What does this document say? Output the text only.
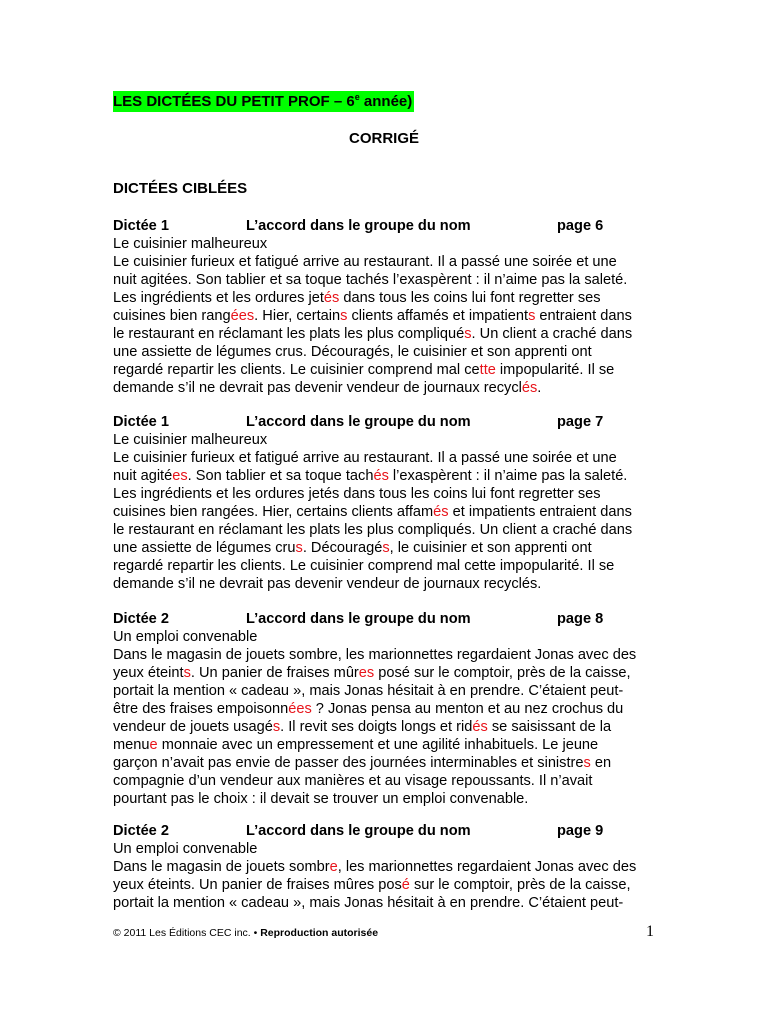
LES DICTÉES DU PETIT PROF – 6e année)
CORRIGÉ
DICTÉES CIBLÉES
Dictée 1	L’accord dans le groupe du nom	page 6
Le cuisinier malheureux
Le cuisinier furieux et fatigué arrive au restaurant. Il a passé une soirée et une
nuit agitées. Son tablier et sa toque tachés l’exaspèrent : il n’aime pas la saleté.
Les ingrédients et les ordures jetés dans tous les coins lui font regretter ses
cuisines bien rangées. Hier, certains clients affamés et impatients entraient dans
le restaurant en réclamant les plats les plus compliqués. Un client a craché dans
une assiette de légumes crus. Découragés, le cuisinier et son apprenti ont
regardé repartir les clients. Le cuisinier comprend mal cette impopularité. Il se
demande s’il ne devrait pas devenir vendeur de journaux recyclés.
Dictée 1	L’accord dans le groupe du nom	page 7
Le cuisinier malheureux
Le cuisinier furieux et fatigué arrive au restaurant. Il a passé une soirée et une
nuit agitées. Son tablier et sa toque tachés l’exaspèrent : il n’aime pas la saleté.
Les ingrédients et les ordures jetés dans tous les coins lui font regretter ses
cuisines bien rangées. Hier, certains clients affamés et impatients entraient dans
le restaurant en réclamant les plats les plus compliqués. Un client a craché dans
une assiette de légumes crus. Découragés, le cuisinier et son apprenti ont
regardé repartir les clients. Le cuisinier comprend mal cette impopularité. Il se
demande s’il ne devrait pas devenir vendeur de journaux recyclés.
Dictée 2	L’accord dans le groupe du nom	page 8
Un emploi convenable
Dans le magasin de jouets sombre, les marionnettes regardaient Jonas avec des
yeux éteints. Un panier de fraises mûres posé sur le comptoir, près de la caisse,
portait la mention « cadeau », mais Jonas hésitait à en prendre. C’étaient peut-
être des fraises empoisonnées ? Jonas pensa au menton et au nez crochus du
vendeur de jouets usagés. Il revit ses doigts longs et ridés se saisissant de la
menue monnaie avec un empressement et une agilité inhabituels. Le jeune
garçon n’avait pas envie de passer des journées interminables et sinistres en
compagnie d’un vendeur aux manières et au visage repoussants. Il n’avait
pourtant pas le choix : il devait se trouver un emploi convenable.
Dictée 2	L’accord dans le groupe du nom	page 9
Un emploi convenable
Dans le magasin de jouets sombre, les marionnettes regardaient Jonas avec des
yeux éteints. Un panier de fraises mûres posé sur le comptoir, près de la caisse,
portait la mention « cadeau », mais Jonas hésitait à en prendre. C’étaient peut-
© 2011 Les Éditions CEC inc. • Reproduction autorisée	1
